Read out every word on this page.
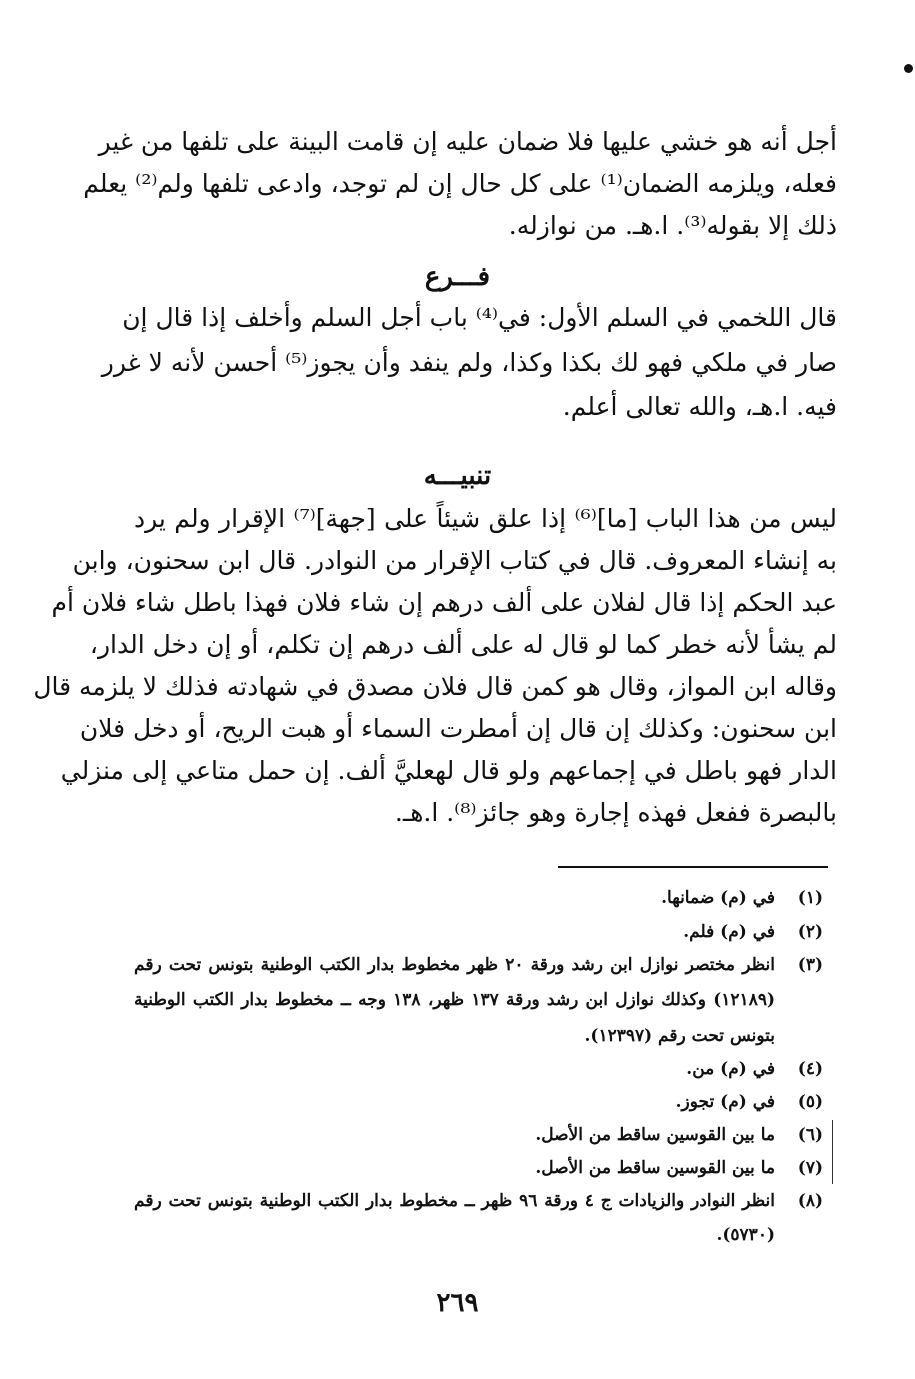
أجل أنه هو خشي عليها فلا ضمان عليه إن قامت البينة على تلفها من غير
فعله، ويلزمه الضمان⁽¹⁾ على كل حال إن لم توجد، وادعى تلفها ولم⁽²⁾ يعلم
ذلك إلا بقوله⁽³⁾. ا.هـ. من نوازله.
فـــرع
قال اللخمي في السلم الأول: في⁽⁴⁾ باب أجل السلم وأخلف إذا قال إن
صار في ملكي فهو لك بكذا وكذا، ولم ينفد وأن يجوز⁽⁵⁾ أحسن لأنه لا غرر
فيه. ا.هـ، والله تعالى أعلم.
تنبيـــه
ليس من هذا الباب [ما]⁽⁶⁾ إذا علق شيئاً على [جهة]⁽⁷⁾ الإقرار ولم يرد
به إنشاء المعروف. قال في كتاب الإقرار من النوادر. قال ابن سحنون، وابن
عبد الحكم إذا قال لفلان على ألف درهم إن شاء فلان فهذا باطل شاء فلان أم
لم يشأ لأنه خطر كما لو قال له على ألف درهم إن تكلم، أو إن دخل الدار،
وقاله ابن المواز، وقال هو كمن قال فلان مصدق في شهادته فذلك لا يلزمه قال
ابن سحنون: وكذلك إن قال إن أمطرت السماء أو هبت الريح، أو دخل فلان
الدار فهو باطل في إجماعهم ولو قال لهعليَّ ألف. إن حمل متاعي إلى منزلي
بالبصرة ففعل فهذه إجارة وهو جائز⁽⁸⁾. ا.هـ.
(١)
في (م) ضمانها.
(٢)
في (م) فلم.
(٣)
انظر مختصر نوازل ابن رشد ورقة ٢٠ ظهر مخطوط بدار الكتب الوطنية بتونس تحت رقم
(١٢١٨٩) وكذلك نوازل ابن رشد ورقة ١٣٧ ظهر، ١٣٨ وجه ــ مخطوط بدار الكتب الوطنية
بتونس تحت رقم (١٢٣٩٧).
(٤)
في (م) من.
(٥)
في (م) تجوز.
(٦)
ما بين القوسين ساقط من الأصل.
(٧)
ما بين القوسين ساقط من الأصل.
(٨)
انظر النوادر والزيادات ج ٤ ورقة ٩٦ ظهر ــ مخطوط بدار الكتب الوطنية بتونس تحت رقم
(٥٧٣٠).
٢٦٩
